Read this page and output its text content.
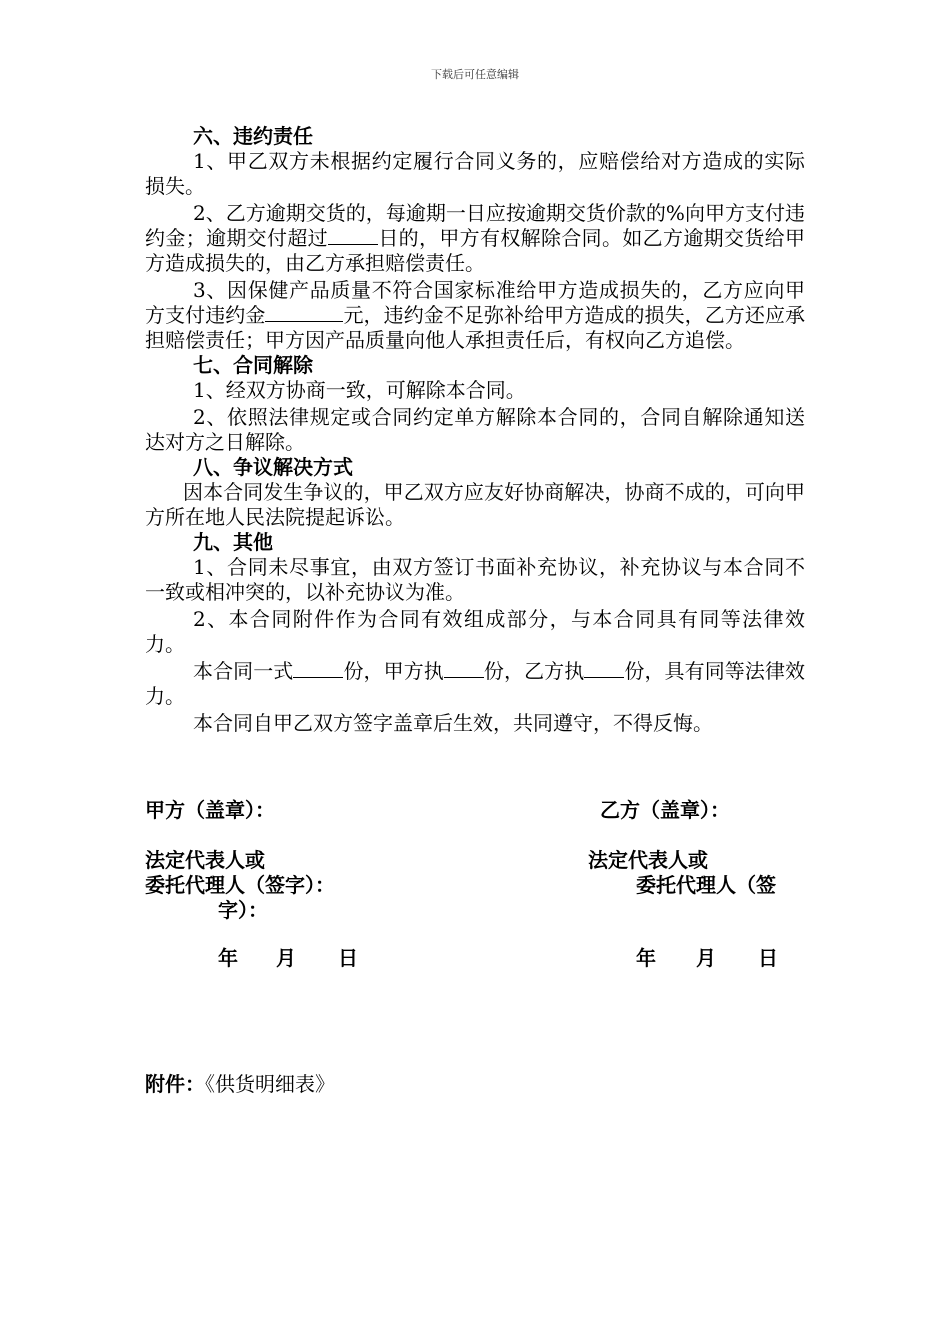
下载后可任意编辑

六、违约责任

1、甲乙双方未根据约定履行合同义务的，应赔偿给对方造成的实际损失。

2、乙方逾期交货的，每逾期一日应按逾期交货价款的%向甲方支付违约金；逾期交付超过	日的，甲方有权解除合同。如乙方逾期交货给甲方造成损失的，由乙方承担赔偿责任。

3、因保健产品质量不符合国家标准给甲方造成损失的，乙方应向甲方支付违约金	元，违约金不足弥补给甲方造成的损失，乙方还应承担赔偿责任；甲方因产品质量向他人承担责任后，有权向乙方追偿。

七、合同解除

1、经双方协商一致，可解除本合同。

2、依照法律规定或合同约定单方解除本合同的，合同自解除通知送达对方之日解除。

八、争议解决方式

因本合同发生争议的，甲乙双方应友好协商解决，协商不成的，可向甲方所在地人民法院提起诉讼。

九、其他

1、合同未尽事宜，由双方签订书面补充协议，补充协议与本合同不一致或相冲突的，以补充协议为准。

2、本合同附件作为合同有效组成部分，与本合同具有同等法律效力。

本合同一式	份，甲方执 份，乙方执 份，具有同等法律效力。

本合同自甲乙双方签字盖章后生效，共同遵守，不得反悔。

甲方（盖章）：	乙方（盖章）：
法定代表人或
委托代理人（签字）：
法定代表人或
委托代理人（签
字）：
年 月 日	年 月 日
附件：《供货明细表》
